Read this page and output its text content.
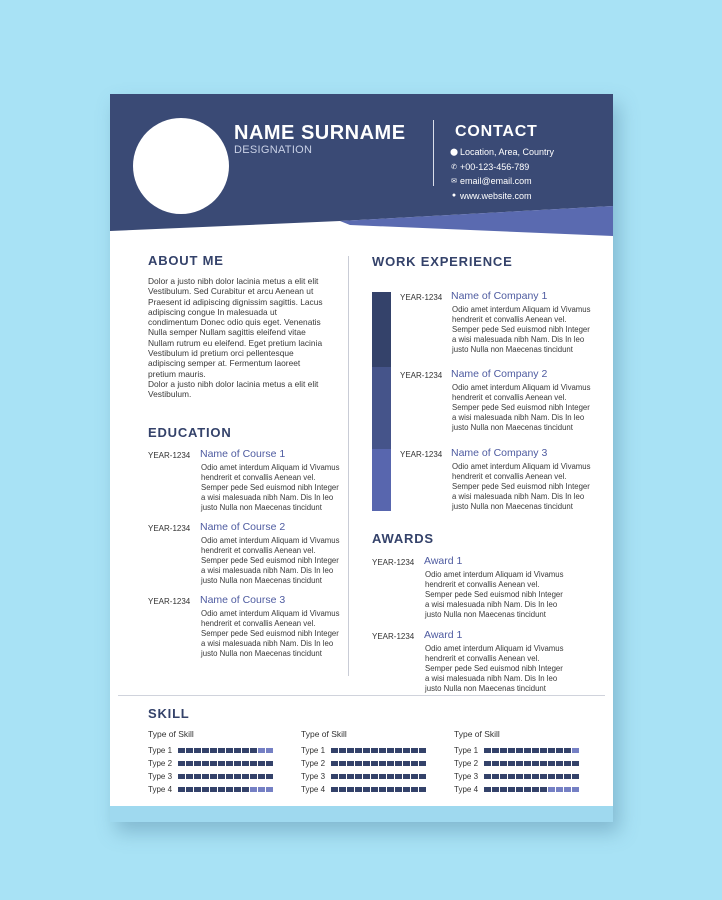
NAME SURNAME
DESIGNATION
CONTACT
⬤ Location, Area, Country
✆ +00-123-456-789
✉ email@email.com
● www.website.com
ABOUT ME
Dolor a justo nibh dolor lacinia metus a elit elit
Vestibulum. Sed Curabitur et arcu Aenean ut
Praesent id adipiscing dignissim sagittis. Lacus
adipiscing congue In malesuada ut
condimentum Donec odio quis eget. Venenatis
Nulla semper Nullam sagittis eleifend vitae
Nullam rutrum eu eleifend. Eget pretium lacinia
Vestibulum id pretium orci pellentesque
adipiscing semper at. Fermentum laoreet
pretium mauris.
Dolor a justo nibh dolor lacinia metus a elit elit
Vestibulum.
EDUCATION
YEAR-1234 Name of Course 1
Odio amet interdum Aliquam id Vivamus
hendrerit et convallis Aenean vel.
Semper pede Sed euismod nibh Integer
a wisi malesuada nibh Nam. Dis In leo
justo Nulla non Maecenas tincidunt
YEAR-1234 Name of Course 2
Odio amet interdum Aliquam id Vivamus
hendrerit et convallis Aenean vel.
Semper pede Sed euismod nibh Integer
a wisi malesuada nibh Nam. Dis In leo
justo Nulla non Maecenas tincidunt
YEAR-1234 Name of Course 3
Odio amet interdum Aliquam id Vivamus
hendrerit et convallis Aenean vel.
Semper pede Sed euismod nibh Integer
a wisi malesuada nibh Nam. Dis In leo
justo Nulla non Maecenas tincidunt
WORK EXPERIENCE
YEAR-1234 Name of Company 1
Odio amet interdum Aliquam id Vivamus
hendrerit et convallis Aenean vel.
Semper pede Sed euismod nibh Integer
a wisi malesuada nibh Nam. Dis In leo
justo Nulla non Maecenas tincidunt
YEAR-1234 Name of Company 2
Odio amet interdum Aliquam id Vivamus
hendrerit et convallis Aenean vel.
Semper pede Sed euismod nibh Integer
a wisi malesuada nibh Nam. Dis In leo
justo Nulla non Maecenas tincidunt
YEAR-1234 Name of Company 3
Odio amet interdum Aliquam id Vivamus
hendrerit et convallis Aenean vel.
Semper pede Sed euismod nibh Integer
a wisi malesuada nibh Nam. Dis In leo
justo Nulla non Maecenas tincidunt
AWARDS
YEAR-1234 Award 1
Odio amet interdum Aliquam id Vivamus
hendrerit et convallis Aenean vel.
Semper pede Sed euismod nibh Integer
a wisi malesuada nibh Nam. Dis In leo
justo Nulla non Maecenas tincidunt
YEAR-1234 Award 1
Odio amet interdum Aliquam id Vivamus
hendrerit et convallis Aenean vel.
Semper pede Sed euismod nibh Integer
a wisi malesuada nibh Nam. Dis In leo
justo Nulla non Maecenas tincidunt
SKILL
Type of Skill
Type 1
Type 2
Type 3
Type 4
Type of Skill
Type 1
Type 2
Type 3
Type 4
Type of Skill
Type 1
Type 2
Type 3
Type 4
